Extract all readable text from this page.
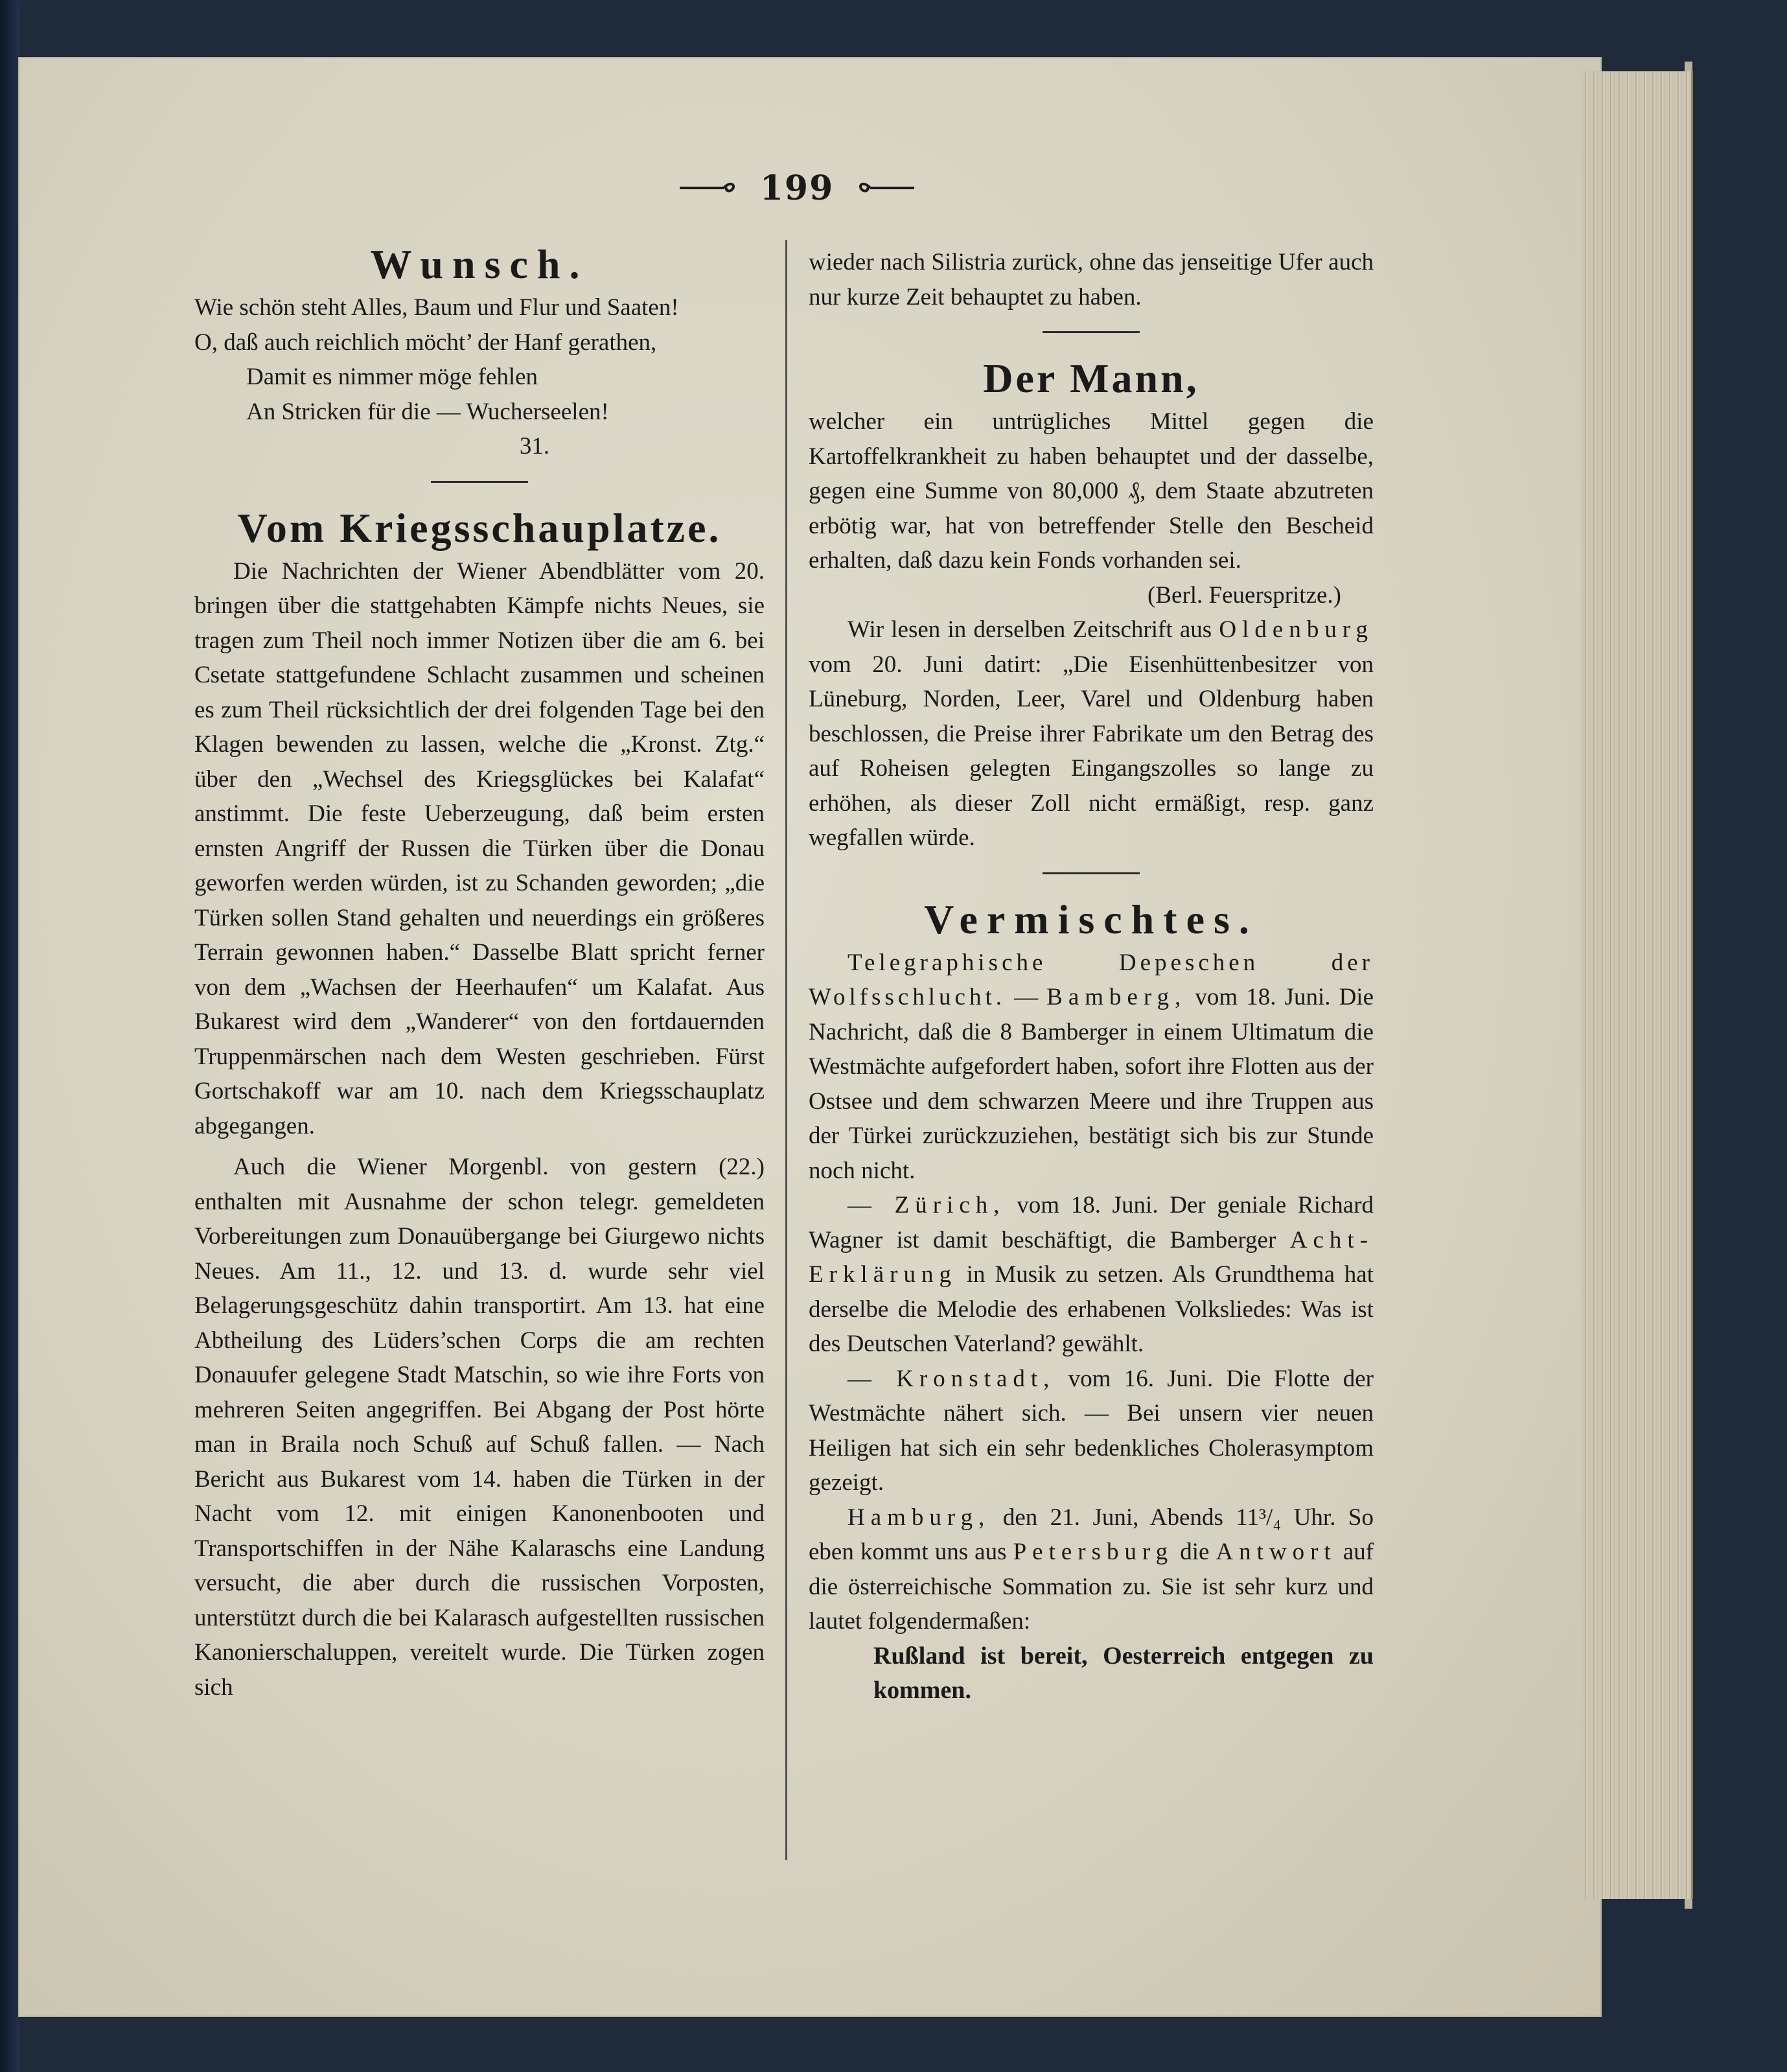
199

Wunsch.

Wie schön steht Alles, Baum und Flur und Saaten!

O, daß auch reichlich möcht’ der Hanf gerathen,

Damit es nimmer möge fehlen

An Stricken für die — Wucherseelen!

31.

Vom Kriegsschauplatze.

Die Nachrichten der Wiener Abendblätter vom 20. bringen über die stattgehabten Kämpfe nichts Neues, sie tragen zum Theil noch immer Notizen über die am 6. bei Csetate stattgefundene Schlacht zusammen und scheinen es zum Theil rücksichtlich der drei folgenden Tage bei den Klagen bewenden zu lassen, welche die „Kronst. Ztg.“ über den „Wechsel des Kriegsglückes bei Kalafat“ anstimmt. Die feste Ueberzeugung, daß beim ersten ernsten Angriff der Russen die Türken über die Donau geworfen werden würden, ist zu Schanden geworden; „die Türken sollen Stand gehalten und neuerdings ein größeres Terrain gewonnen haben.“ Dasselbe Blatt spricht ferner von dem „Wachsen der Heerhaufen“ um Kalafat. Aus Bukarest wird dem „Wanderer“ von den fortdauernden Truppenmärschen nach dem Westen geschrieben. Fürst Gortschakoff war am 10. nach dem Kriegsschauplatz abgegangen.

Auch die Wiener Morgenbl. von gestern (22.) enthalten mit Ausnahme der schon telegr. gemeldeten Vorbereitungen zum Donauübergange bei Giurgewo nichts Neues. Am 11., 12. und 13. d. wurde sehr viel Belagerungsgeschütz dahin transportirt. Am 13. hat eine Abtheilung des Lüders’schen Corps die am rechten Donauufer gelegene Stadt Matschin, so wie ihre Forts von mehreren Seiten angegriffen. Bei Abgang der Post hörte man in Braila noch Schuß auf Schuß fallen. — Nach Bericht aus Bukarest vom 14. haben die Türken in der Nacht vom 12. mit einigen Kanonenbooten und Transportschiffen in der Nähe Kalaraschs eine Landung versucht, die aber durch die russischen Vorposten, unterstützt durch die bei Kalarasch aufgestellten russischen Kanonierschaluppen, vereitelt wurde. Die Türken zogen sich

wieder nach Silistria zurück, ohne das jenseitige Ufer auch nur kurze Zeit behauptet zu haben.

Der Mann,

welcher ein untrügliches Mittel gegen die Kartoffelkrankheit zu haben behauptet und der dasselbe, gegen eine Summe von 80,000 ₰, dem Staate abzutreten erbötig war, hat von betreffender Stelle den Bescheid erhalten, daß dazu kein Fonds vorhanden sei.

(Berl. Feuerspritze.)

Wir lesen in derselben Zeitschrift aus Oldenburg vom 20. Juni datirt: „Die Eisenhüttenbesitzer von Lüneburg, Norden, Leer, Varel und Oldenburg haben beschlossen, die Preise ihrer Fabrikate um den Betrag des auf Roheisen gelegten Eingangszolles so lange zu erhöhen, als dieser Zoll nicht ermäßigt, resp. ganz wegfallen würde.

Vermischtes.

Telegraphische Depeschen der Wolfsschlucht. — Bamberg, vom 18. Juni. Die Nachricht, daß die 8 Bamberger in einem Ultimatum die Westmächte aufgefordert haben, sofort ihre Flotten aus der Ostsee und dem schwarzen Meere und ihre Truppen aus der Türkei zurückzuziehen, bestätigt sich bis zur Stunde noch nicht.

— Zürich, vom 18. Juni. Der geniale Richard Wagner ist damit beschäftigt, die Bamberger Acht-Erklärung in Musik zu setzen. Als Grundthema hat derselbe die Melodie des erhabenen Volksliedes: Was ist des Deutschen Vaterland? gewählt.

— Kronstadt, vom 16. Juni. Die Flotte der Westmächte nähert sich. — Bei unsern vier neuen Heiligen hat sich ein sehr bedenkliches Cholerasymptom gezeigt.

Hamburg, den 21. Juni, Abends 11³/₄ Uhr. So eben kommt uns aus Petersburg die Antwort auf die österreichische Sommation zu. Sie ist sehr kurz und lautet folgendermaßen:

Rußland ist bereit, Oesterreich entgegen zu kommen.
